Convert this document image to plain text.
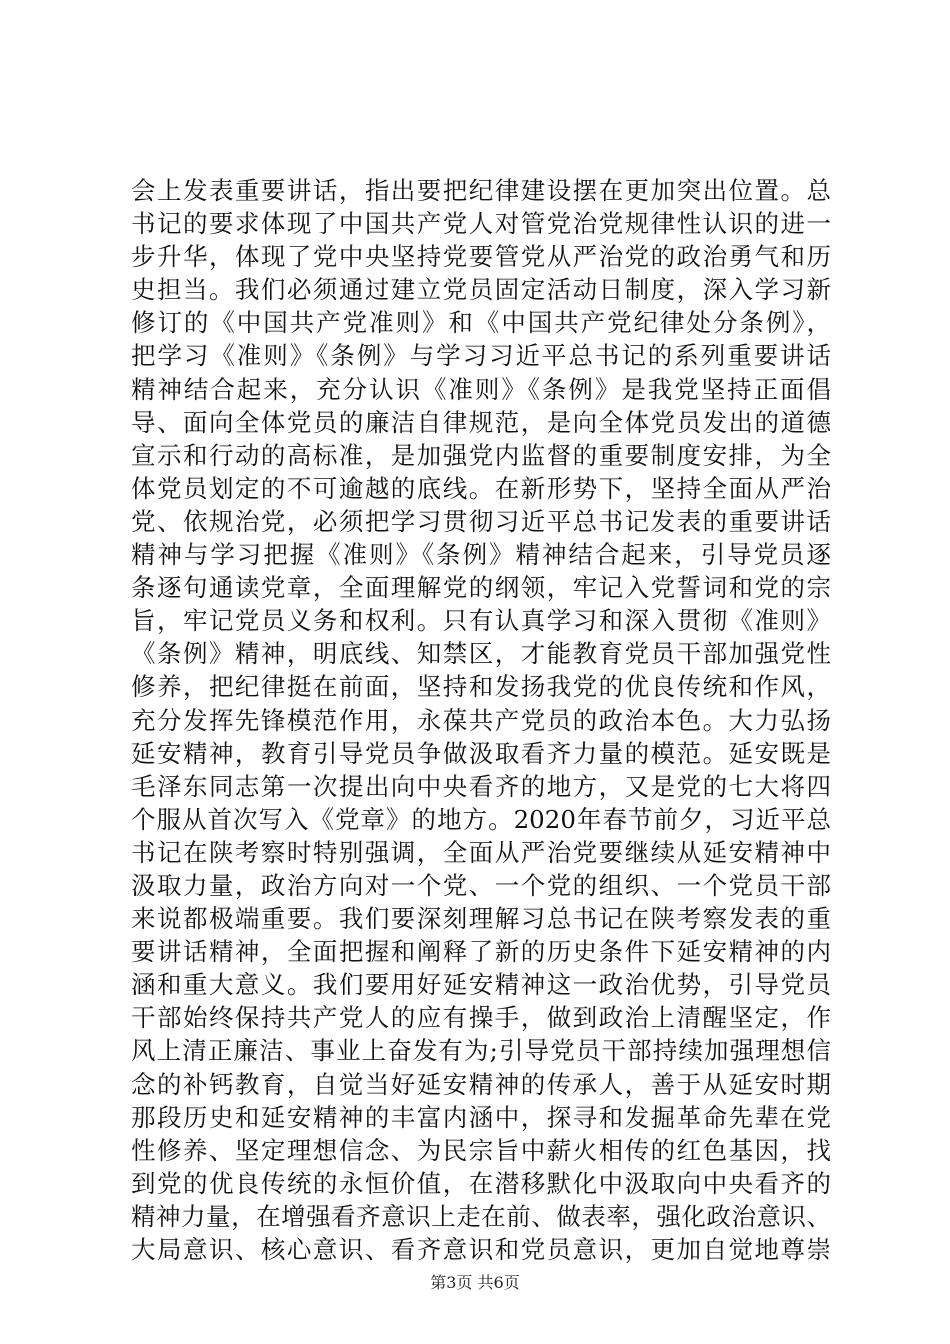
会上发表重要讲话，指出要把纪律建设摆在更加突出位置。总
书记的要求体现了中国共产党人对管党治党规律性认识的进一
步升华，体现了党中央坚持党要管党从严治党的政治勇气和历
史担当。我们必须通过建立党员固定活动日制度，深入学习新
修订的《中国共产党准则》和《中国共产党纪律处分条例》，
把学习《准则》《条例》与学习习近平总书记的系列重要讲话
精神结合起来，充分认识《准则》《条例》是我党坚持正面倡
导、面向全体党员的廉洁自律规范，是向全体党员发出的道德
宣示和行动的高标准，是加强党内监督的重要制度安排，为全
体党员划定的不可逾越的底线。在新形势下，坚持全面从严治
党、依规治党，必须把学习贯彻习近平总书记发表的重要讲话
精神与学习把握《准则》《条例》精神结合起来，引导党员逐
条逐句通读党章，全面理解党的纲领，牢记入党誓词和党的宗
旨，牢记党员义务和权利。只有认真学习和深入贯彻《准则》
《条例》精神，明底线、知禁区，才能教育党员干部加强党性
修养，把纪律挺在前面，坚持和发扬我党的优良传统和作风，
充分发挥先锋模范作用，永葆共产党员的政治本色。大力弘扬
延安精神，教育引导党员争做汲取看齐力量的模范。延安既是
毛泽东同志第一次提出向中央看齐的地方，又是党的七大将四
个服从首次写入《党章》的地方。2020年春节前夕，习近平总
书记在陕考察时特别强调，全面从严治党要继续从延安精神中
汲取力量，政治方向对一个党、一个党的组织、一个党员干部
来说都极端重要。我们要深刻理解习总书记在陕考察发表的重
要讲话精神，全面把握和阐释了新的历史条件下延安精神的内
涵和重大意义。我们要用好延安精神这一政治优势，引导党员
干部始终保持共产党人的应有操手，做到政治上清醒坚定，作
风上清正廉洁、事业上奋发有为;引导党员干部持续加强理想信
念的补钙教育，自觉当好延安精神的传承人，善于从延安时期
那段历史和延安精神的丰富内涵中，探寻和发掘革命先辈在党
性修养、坚定理想信念、为民宗旨中薪火相传的红色基因，找
到党的优良传统的永恒价值，在潜移默化中汲取向中央看齐的
精神力量，在增强看齐意识上走在前、做表率，强化政治意识、
大局意识、核心意识、看齐意识和党员意识，更加自觉地尊崇
第3页 共6页
